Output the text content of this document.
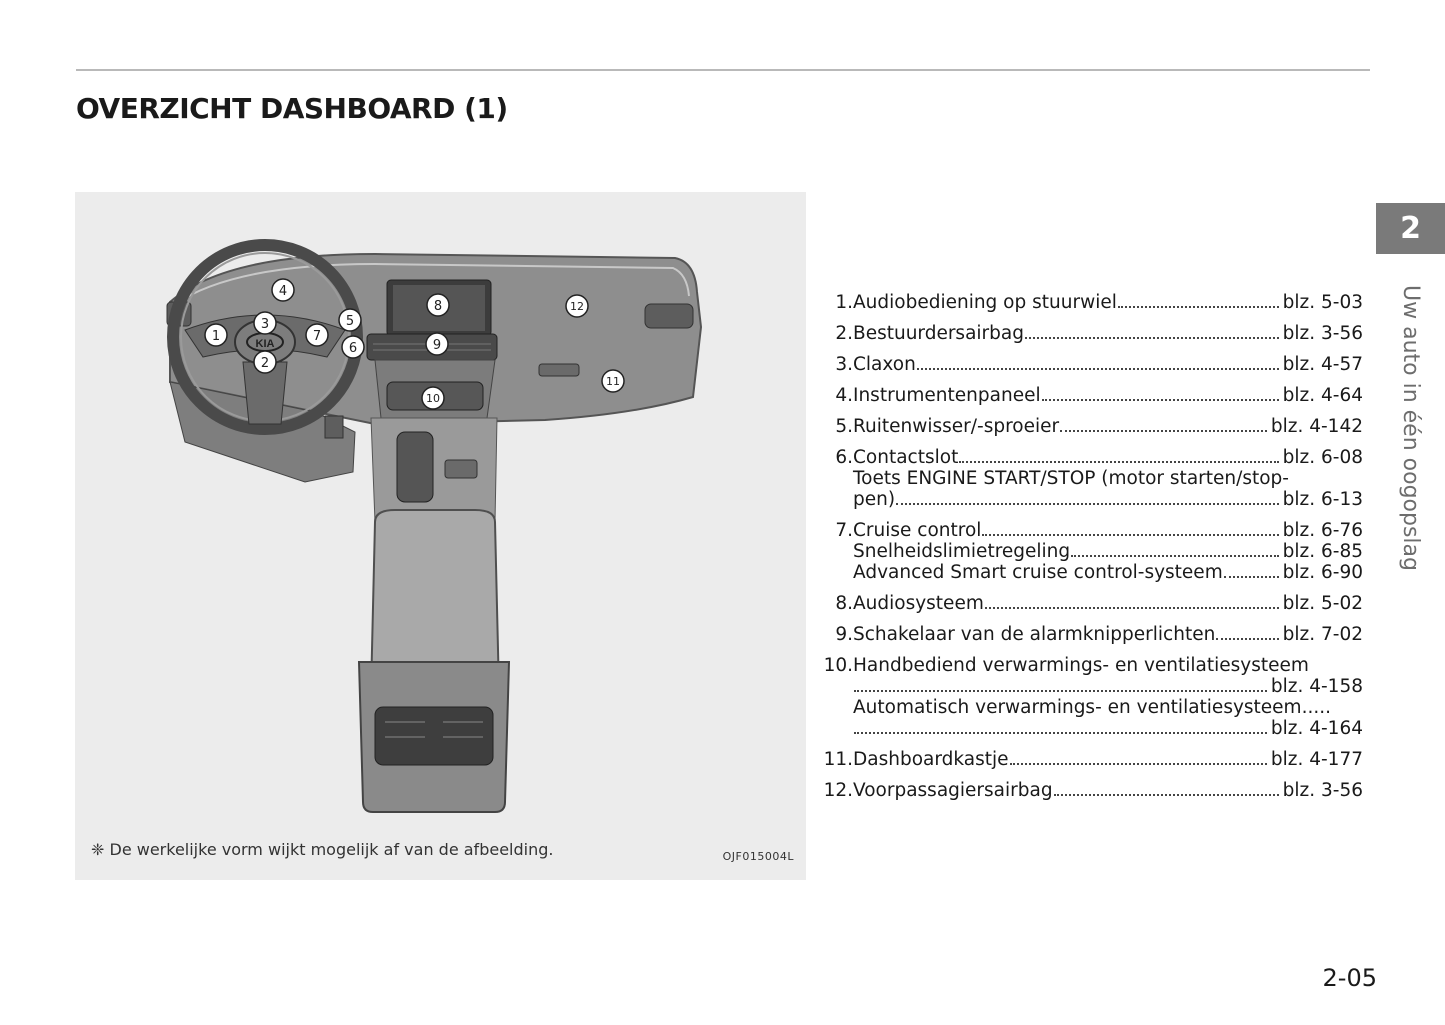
OVERZICHT DASHBOARD (1)
KIA
1
2
3
4
5
6
7
8
9
10
11
12
❈ De werkelijke vorm wijkt mogelijk af van de afbeelding.	OJF015004L
1. Audiobediening op stuurwiel	blz. 5-03
2. Bestuurdersairbag	blz. 3-56
3. Claxon	blz. 4-57
4. Instrumentenpaneel	blz. 4-64
5. Ruitenwisser/-sproeier	blz. 4-142
6. Contactslot	blz. 6-08
Toets ENGINE START/STOP (motor starten/stop-
pen)	blz. 6-13
7. Cruise control	blz. 6-76
Snelheidslimietregeling	blz. 6-85
Advanced Smart cruise control-systeem	blz. 6-90
8. Audiosysteem	blz. 5-02
9. Schakelaar van de alarmknipperlichten	blz. 7-02
10. Handbediend verwarmings- en ventilatiesysteem
blz. 4-158
Automatisch verwarmings- en ventilatiesysteem.....
blz. 4-164
11. Dashboardkastje	blz. 4-177
12. Voorpassagiersairbag	blz. 3-56
2
Uw auto in één oogopslag
2-05
